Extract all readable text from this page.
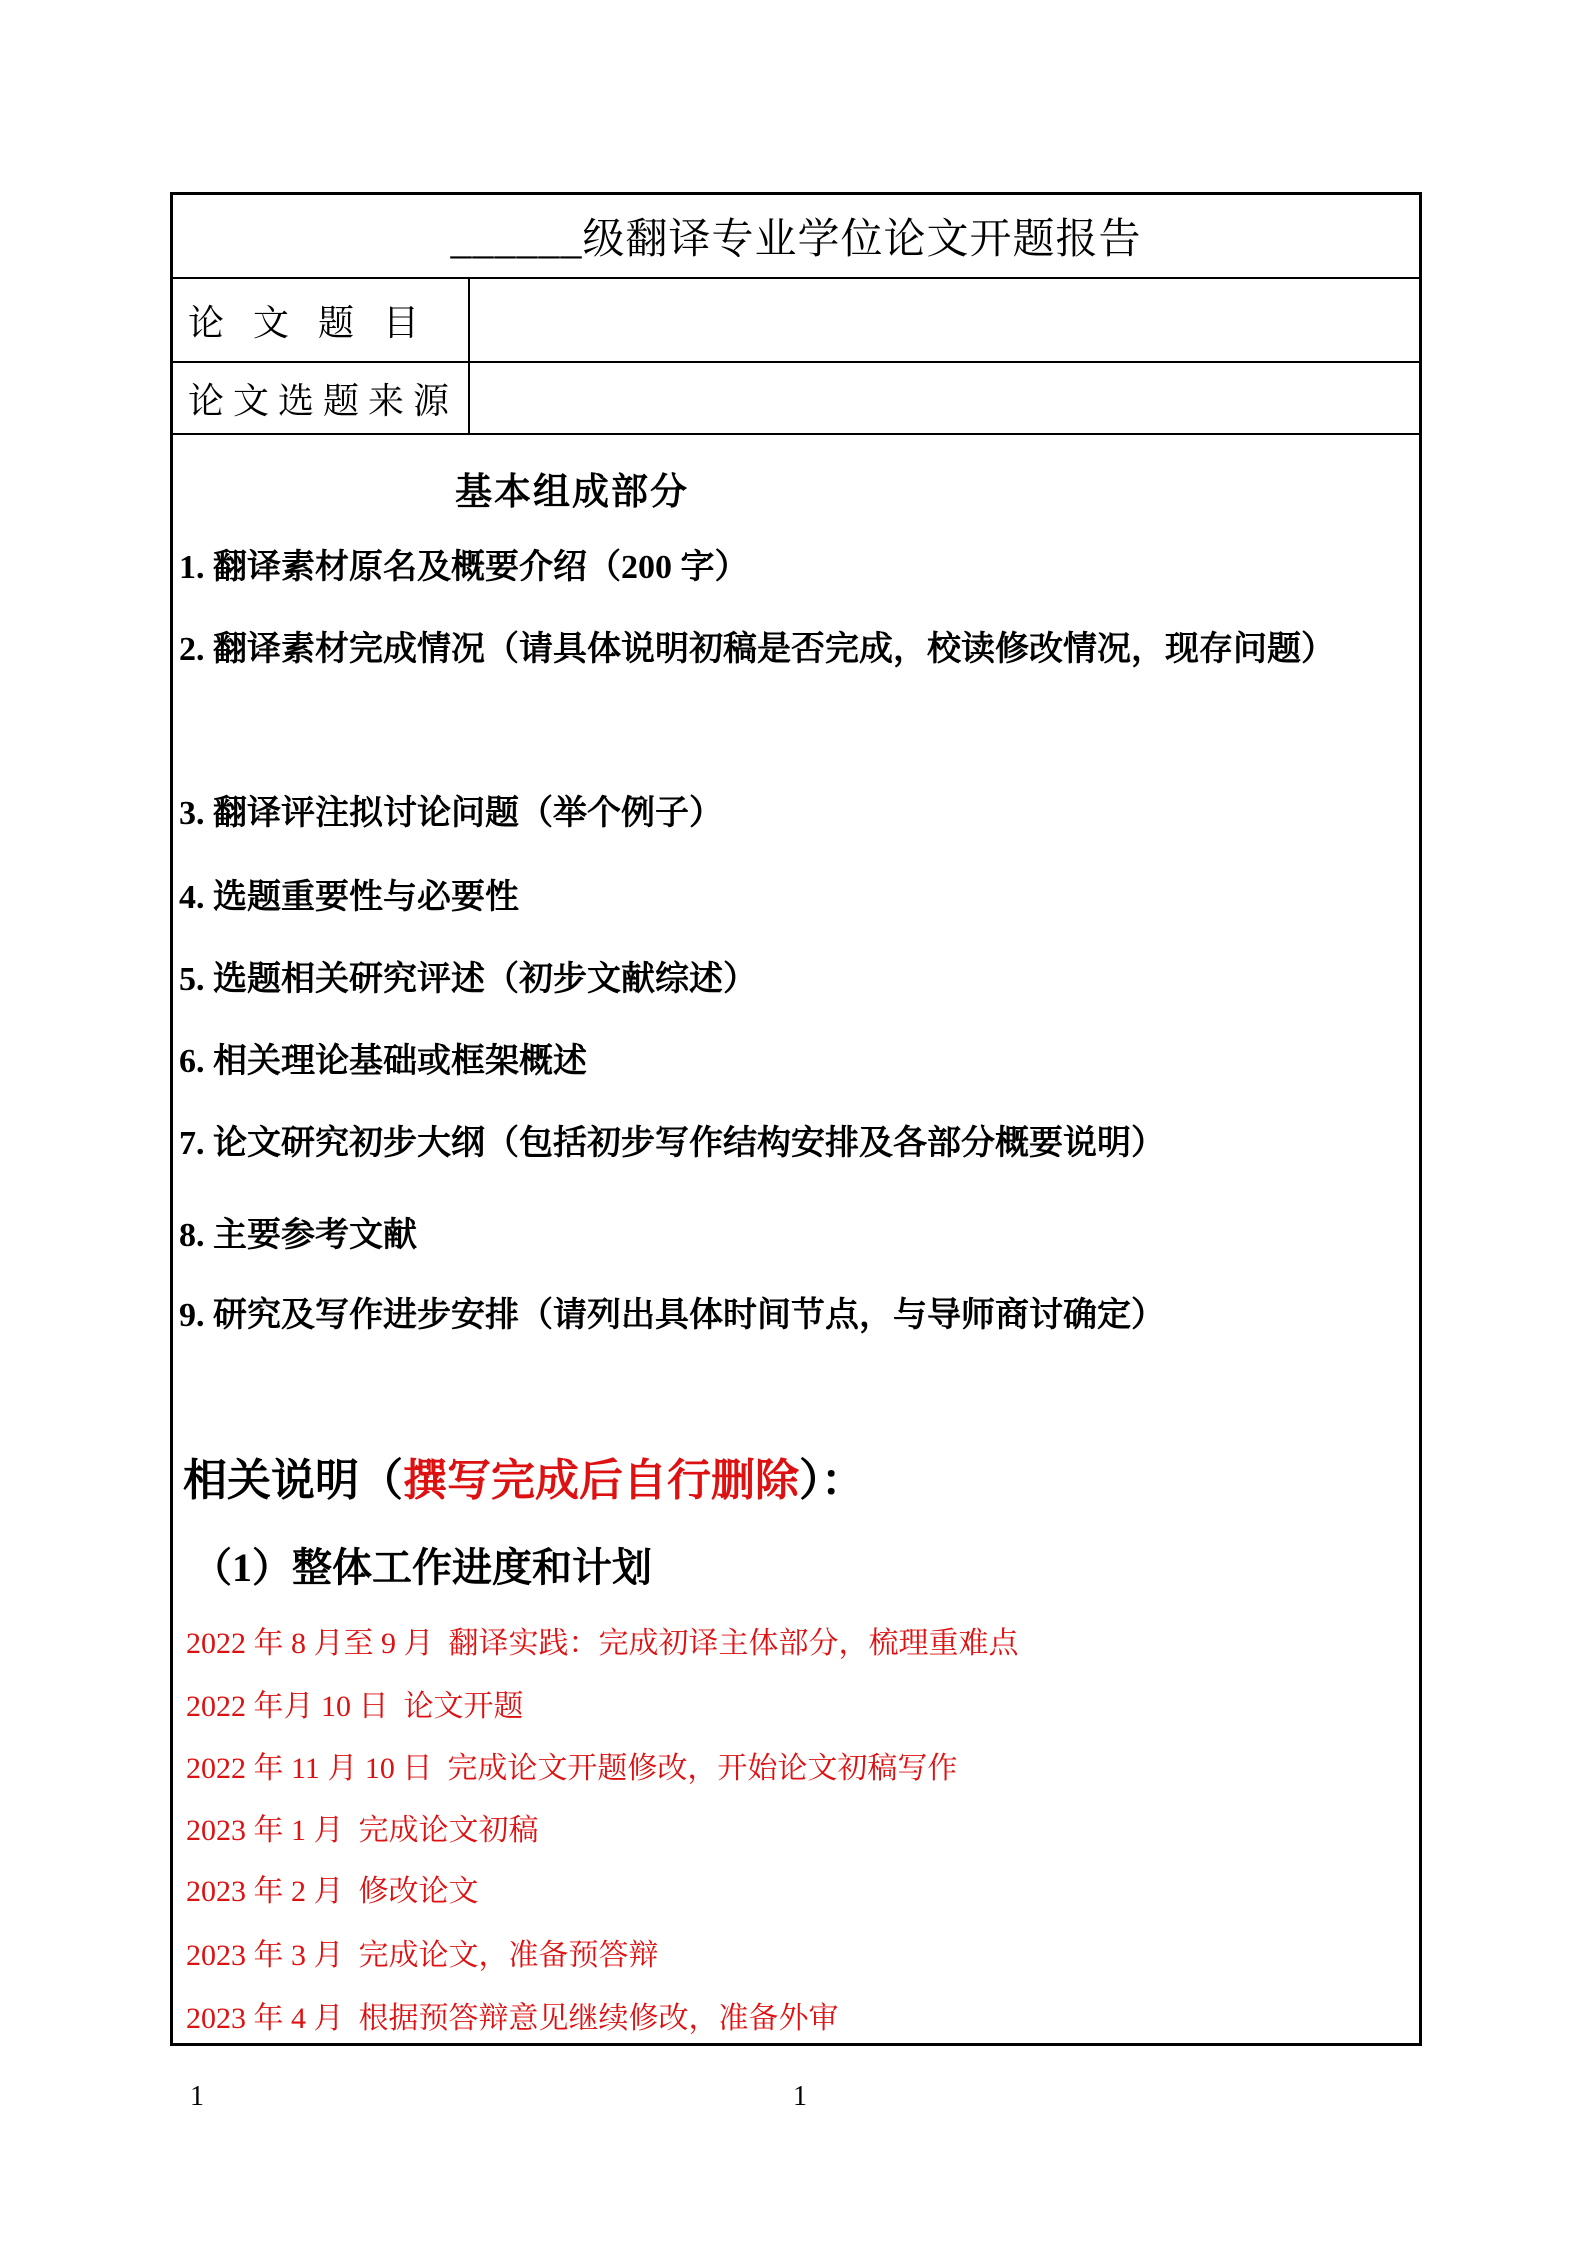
______级翻译专业学位论文开题报告
论 文 题 目
论文选题来源
基本组成部分
1. 翻译素材原名及概要介绍（200 字）
2. 翻译素材完成情况（请具体说明初稿是否完成，校读修改情况，现存问题）
3. 翻译评注拟讨论问题（举个例子）
4. 选题重要性与必要性
5. 选题相关研究评述（初步文献综述）
6. 相关理论基础或框架概述
7. 论文研究初步大纲（包括初步写作结构安排及各部分概要说明）
8. 主要参考文献
9. 研究及写作进步安排（请列出具体时间节点，与导师商讨确定）
相关说明（撰写完成后自行删除）：
（1）整体工作进度和计划
2022 年 8 月至 9 月  翻译实践：完成初译主体部分，梳理重难点
2022 年月 10 日  论文开题
2022 年 11 月 10 日  完成论文开题修改，开始论文初稿写作
2023 年 1 月  完成论文初稿
2023 年 2 月  修改论文
2023 年 3 月  完成论文，准备预答辩
2023 年 4 月  根据预答辩意见继续修改，准备外审
1	1
